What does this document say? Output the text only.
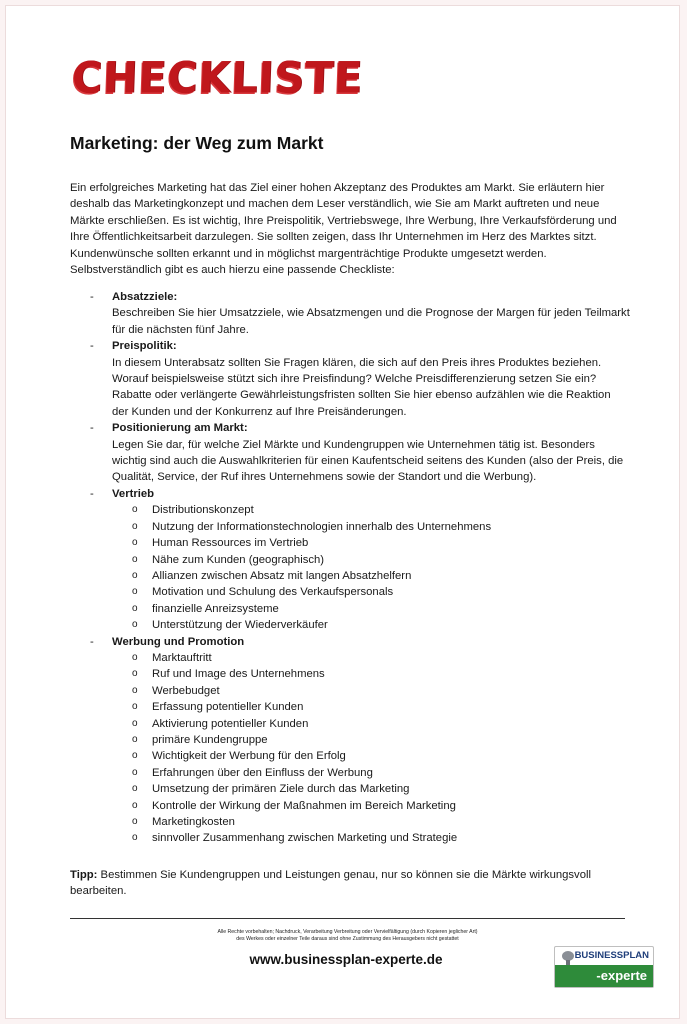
CHECKLISTE
Marketing: der Weg zum Markt
Ein erfolgreiches Marketing hat das Ziel einer hohen Akzeptanz des Produktes am Markt. Sie erläutern hier deshalb das Marketingkonzept und machen dem Leser verständlich, wie Sie am Markt auftreten und neue Märkte erschließen. Es ist wichtig, Ihre Preispolitik, Vertriebswege, Ihre Werbung, Ihre Verkaufsförderung und Ihre Öffentlichkeitsarbeit darzulegen. Sie sollten zeigen, dass Ihr Unternehmen im Herz des Marktes sitzt. Kundenwünsche sollten erkannt und in möglichst margenträchtige Produkte umgesetzt werden. Selbstverständlich gibt es auch hierzu eine passende Checkliste:
- Absatzziele:
Beschreiben Sie hier Umsatzziele, wie Absatzmengen und die Prognose der Margen für jeden Teilmarkt für die nächsten fünf Jahre.
- Preispolitik:
In diesem Unterabsatz sollten Sie Fragen klären, die sich auf den Preis ihres Produktes beziehen. Worauf beispielsweise stützt sich ihre Preisfindung? Welche Preisdifferenzierung setzen Sie ein? Rabatte oder verlängerte Gewährleistungsfristen sollten Sie hier ebenso aufzählen wie die Reaktion der Kunden und der Konkurrenz auf Ihre Preisänderungen.
- Positionierung am Markt:
Legen Sie dar, für welche Ziel Märkte und Kundengruppen wie Unternehmen tätig ist. Besonders wichtig sind auch die Auswahlkriterien für einen Kaufentscheid seitens des Kunden (also der Preis, die Qualität, Service, der Ruf ihres Unternehmens sowie der Standort und die Werbung).
- Vertrieb
o Distributionskonzept
o Nutzung der Informationstechnologien innerhalb des Unternehmens
o Human Ressources im Vertrieb
o Nähe zum Kunden (geographisch)
o Allianzen zwischen Absatz mit langen Absatzhelfern
o Motivation und Schulung des Verkaufspersonals
o finanzielle Anreizsysteme
o Unterstützung der Wiederverkäufer
- Werbung und Promotion
o Marktauftritt
o Ruf und Image des Unternehmens
o Werbebudget
o Erfassung potentieller Kunden
o Aktivierung potentieller Kunden
o primäre Kundengruppe
o Wichtigkeit der Werbung für den Erfolg
o Erfahrungen über den Einfluss der Werbung
o Umsetzung der primären Ziele durch das Marketing
o Kontrolle der Wirkung der Maßnahmen im Bereich Marketing
o Marketingkosten
o sinnvoller Zusammenhang zwischen Marketing und Strategie
Tipp: Bestimmen Sie Kundengruppen und Leistungen genau, nur so können sie die Märkte wirkungsvoll bearbeiten.
Alle Rechte vorbehalten; Nachdruck, Verarbeitung Verbreitung oder Vervielfältigung (durch Kopieren jeglicher Art)
des Werkes oder einzelner Teile daraus sind ohne Zustimmung des Herausgebers nicht gestattet
www.businessplan-experte.de	BUSINESSPLAN
-experte
